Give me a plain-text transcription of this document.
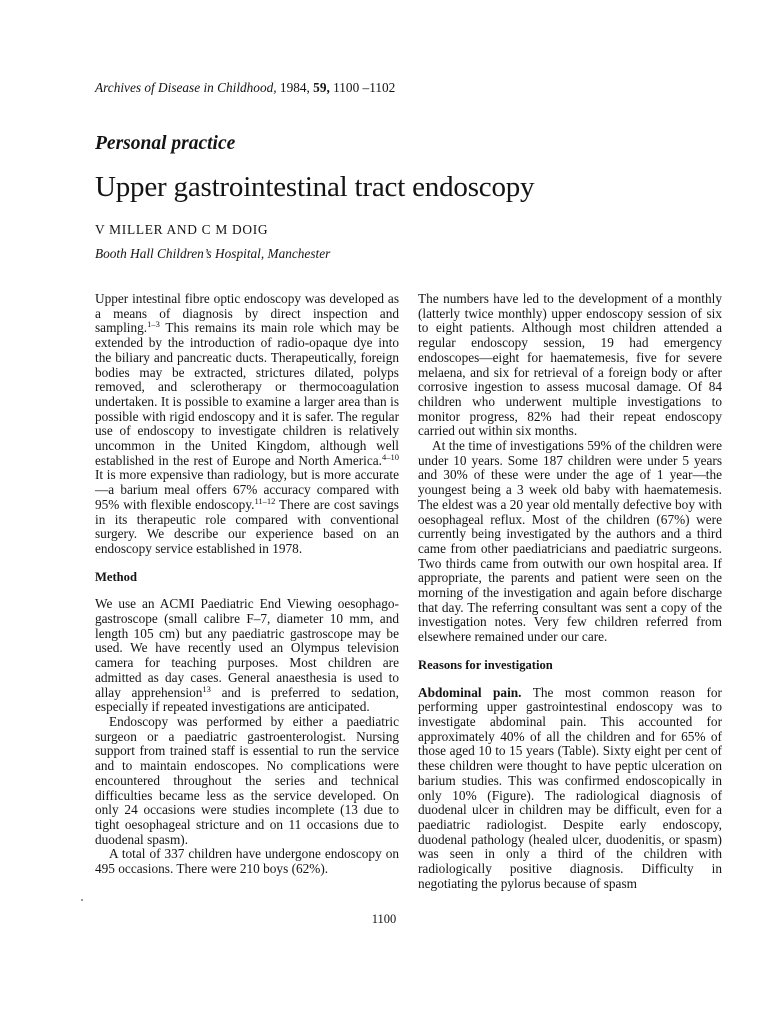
Archives of Disease in Childhood, 1984, 59, 1100 –1102
Personal practice
Upper gastrointestinal tract endoscopy
V MILLER AND C M DOIG
Booth Hall Children’s Hospital, Manchester

Upper intestinal fibre optic endoscopy was developed as a means of diagnosis by direct inspection and sampling.$^{1-3}$ This remains its main role which may be extended by the introduction of radio-opaque dye into the biliary and pancreatic ducts. Therapeutically, foreign bodies may be extracted, strictures dilated, polyps removed, and sclerotherapy or thermocoagulation undertaken. It is possible to examine a larger area than is possible with rigid endoscopy and it is safer. The regular use of endoscopy to investigate children is relatively uncommon in the United Kingdom, although well established in the rest of Europe and North America.$^{4-10}$ It is more expensive than radiology, but is more accurate—a barium meal offers 67% accuracy compared with 95% with flexible endoscopy.$^{11-12}$ There are cost savings in its therapeutic role compared with conventional surgery. We describe our experience based on an endoscopy service established in 1978.

Method

We use an ACMI Paediatric End Viewing oesophago-gastroscope (small calibre F–7, diameter 10 mm, and length 105 cm) but any paediatric gastroscope may be used. We have recently used an Olympus television camera for teaching purposes. Most children are admitted as day cases. General anaesthesia is used to allay apprehension$^{13}$ and is preferred to sedation, especially if repeated investigations are anticipated.

Endoscopy was performed by either a paediatric surgeon or a paediatric gastroenterologist. Nursing support from trained staff is essential to run the service and to maintain endoscopes. No complications were encountered throughout the series and technical difficulties became less as the service developed. On only 24 occasions were studies incomplete (13 due to tight oesophageal stricture and on 11 occasions due to duodenal spasm).

A total of 337 children have undergone endoscopy on 495 occasions. There were 210 boys (62%).

The numbers have led to the development of a monthly (latterly twice monthly) upper endoscopy session of six to eight patients. Although most children attended a regular endoscopy session, 19 had emergency endoscopes—eight for haematemesis, five for severe melaena, and six for retrieval of a foreign body or after corrosive ingestion to assess mucosal damage. Of 84 children who underwent multiple investigations to monitor progress, 82% had their repeat endoscopy carried out within six months.

At the time of investigations 59% of the children were under 10 years. Some 187 children were under 5 years and 30% of these were under the age of 1 year—the youngest being a 3 week old baby with haematemesis. The eldest was a 20 year old mentally defective boy with oesophageal reflux. Most of the children (67%) were currently being investigated by the authors and a third came from other paediatricians and paediatric surgeons. Two thirds came from outwith our own hospital area. If appropriate, the parents and patient were seen on the morning of the investigation and again before discharge that day. The referring consultant was sent a copy of the investigation notes. Very few children referred from elsewhere remained under our care.

Reasons for investigation

Abdominal pain. The most common reason for performing upper gastrointestinal endoscopy was to investigate abdominal pain. This accounted for approximately 40% of all the children and for 65% of those aged 10 to 15 years (Table). Sixty eight per cent of these children were thought to have peptic ulceration on barium studies. This was confirmed endoscopically in only 10% (Figure). The radiological diagnosis of duodenal ulcer in children may be difficult, even for a paediatric radiologist. Despite early endoscopy, duodenal pathology (healed ulcer, duodenitis, or spasm) was seen in only a third of the children with radiologically positive diagnosis. Difficulty in negotiating the pylorus because of spasm

1100
